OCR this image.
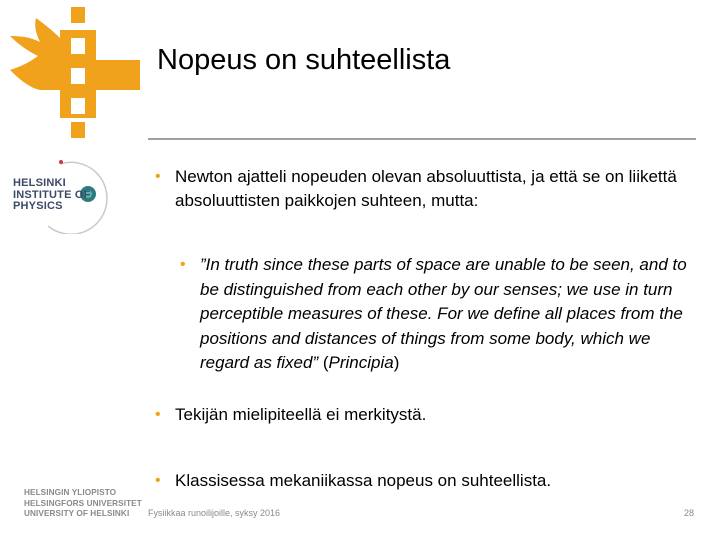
HELSINKI
INSTITUTE OF
PHYSICS
HELSINGIN YLIOPISTO
HELSINGFORS UNIVERSITET
UNIVERSITY OF HELSINKI
Nopeus on suhteellista
• Newton ajatteli nopeuden olevan absoluuttista, ja että se on liikettä absoluuttisten paikkojen suhteen, mutta:
• ”In truth since these parts of space are unable to be seen, and to be distinguished from each other by our senses; we use in turn perceptible measures of these. For we define all places from the positions and distances of things from some body, which we regard as fixed” (Principia)
• Tekijän mielipiteellä ei merkitystä.
• Klassisessa mekaniikassa nopeus on suhteellista.
Fysiikkaa runoilijoille, syksy 2016	28
